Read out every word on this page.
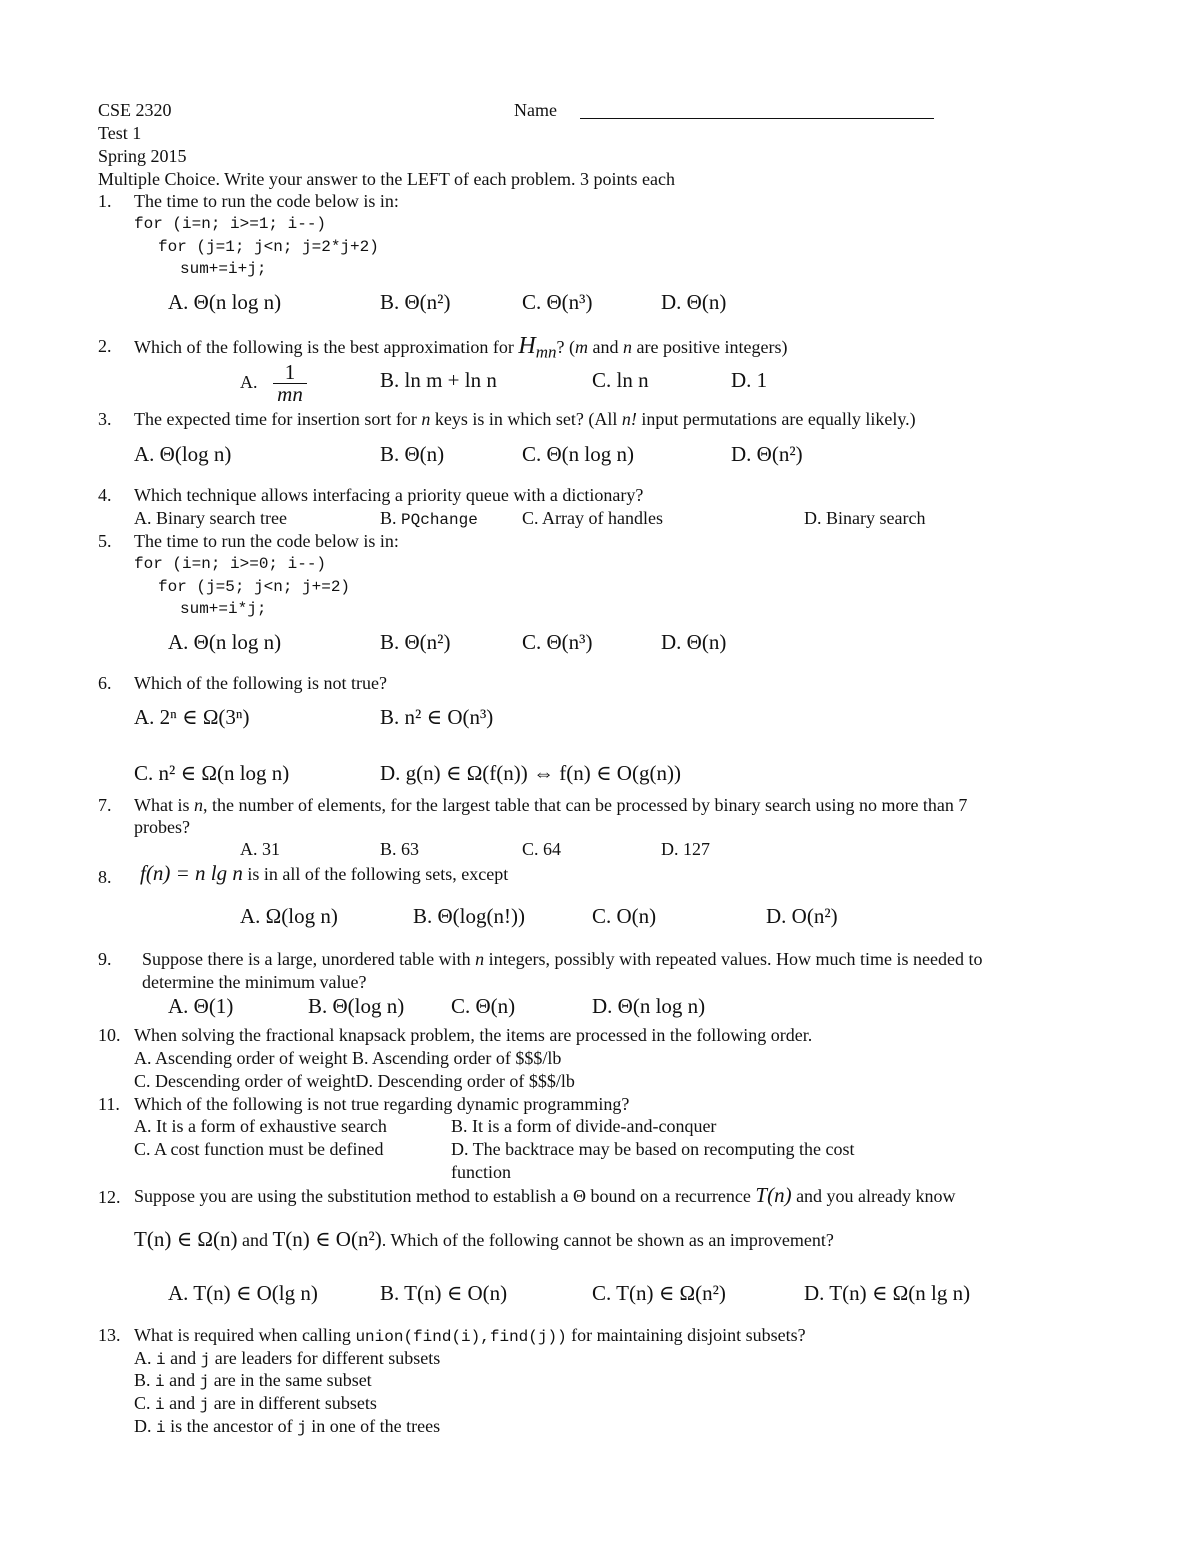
CSE 2320	Name
Test 1
Spring 2015
Multiple Choice. Write your answer to the LEFT of each problem. 3 points each
1. The time to run the code below is in:
for (i=n; i>=1; i--)
for (j=1; j<n; j=2*j+2)
sum+=i+j;
A. Θ(n log n)	B. Θ(n²)	C. Θ(n³)	D. Θ(n)
2. Which of the following is the best approximation for $H_{mn}$? (m and n are positive integers)
A.	1
mn
B. ln m + ln n	C. ln n	D. 1
3. The expected time for insertion sort for n keys is in which set? (All n! input permutations are equally likely.)
A. Θ(log n)	B. Θ(n)	C. Θ(n log n)	D. Θ(n²)
4. Which technique allows interfacing a priority queue with a dictionary?
A. Binary search tree	B. PQchange C. Array of handles	D. Binary search
5. The time to run the code below is in:
for (i=n; i>=0; i--)
for (j=5; j<n; j+=2)
sum+=i*j;
A. Θ(n log n)	B. Θ(n²)	C. Θ(n³)	D. Θ(n)
6. Which of the following is not true?
A. 2ⁿ ∈ Ω(3ⁿ)	B. n² ∈ O(n³)
C. n² ∈ Ω(n log n)	D. g(n) ∈ Ω(f(n)) ⇔ f(n) ∈ O(g(n))
7. What is n, the number of elements, for the largest table that can be processed by binary search using no more than 7
probes?
A. 31	B. 63	C. 64	D. 127
8. f(n) = n lg n is in all of the following sets, except
A. Ω(log n)	B. Θ(log(n!))	C. O(n)	D. O(n²)
9. Suppose there is a large, unordered table with n integers, possibly with repeated values. How much time is needed to
determine the minimum value?
A. Θ(1)	B. Θ(log n) C. Θ(n)	D. Θ(n log n)
10. When solving the fractional knapsack problem, the items are processed in the following order.
A. Ascending order of weight B. Ascending order of $$$/lb
C. Descending order of weightD. Descending order of $$$/lb
11. Which of the following is not true regarding dynamic programming?
A. It is a form of exhaustive search	B. It is a form of divide-and-conquer
C. A cost function must be defined	D. The backtrace may be based on recomputing the cost
function
12. Suppose you are using the substitution method to establish a Θ bound on a recurrence T(n) and you already know
T(n) ∈ Ω(n) and T(n) ∈ O(n²). Which of the following cannot be shown as an improvement?
A. T(n) ∈ O(lg n)	B. T(n) ∈ O(n)	C. T(n) ∈ Ω(n²)	D. T(n) ∈ Ω(n lg n)
13. What is required when calling union(find(i),find(j)) for maintaining disjoint subsets?
A. i and j are leaders for different subsets
B. i and j are in the same subset
C. i and j are in different subsets
D. i is the ancestor of j in one of the trees
